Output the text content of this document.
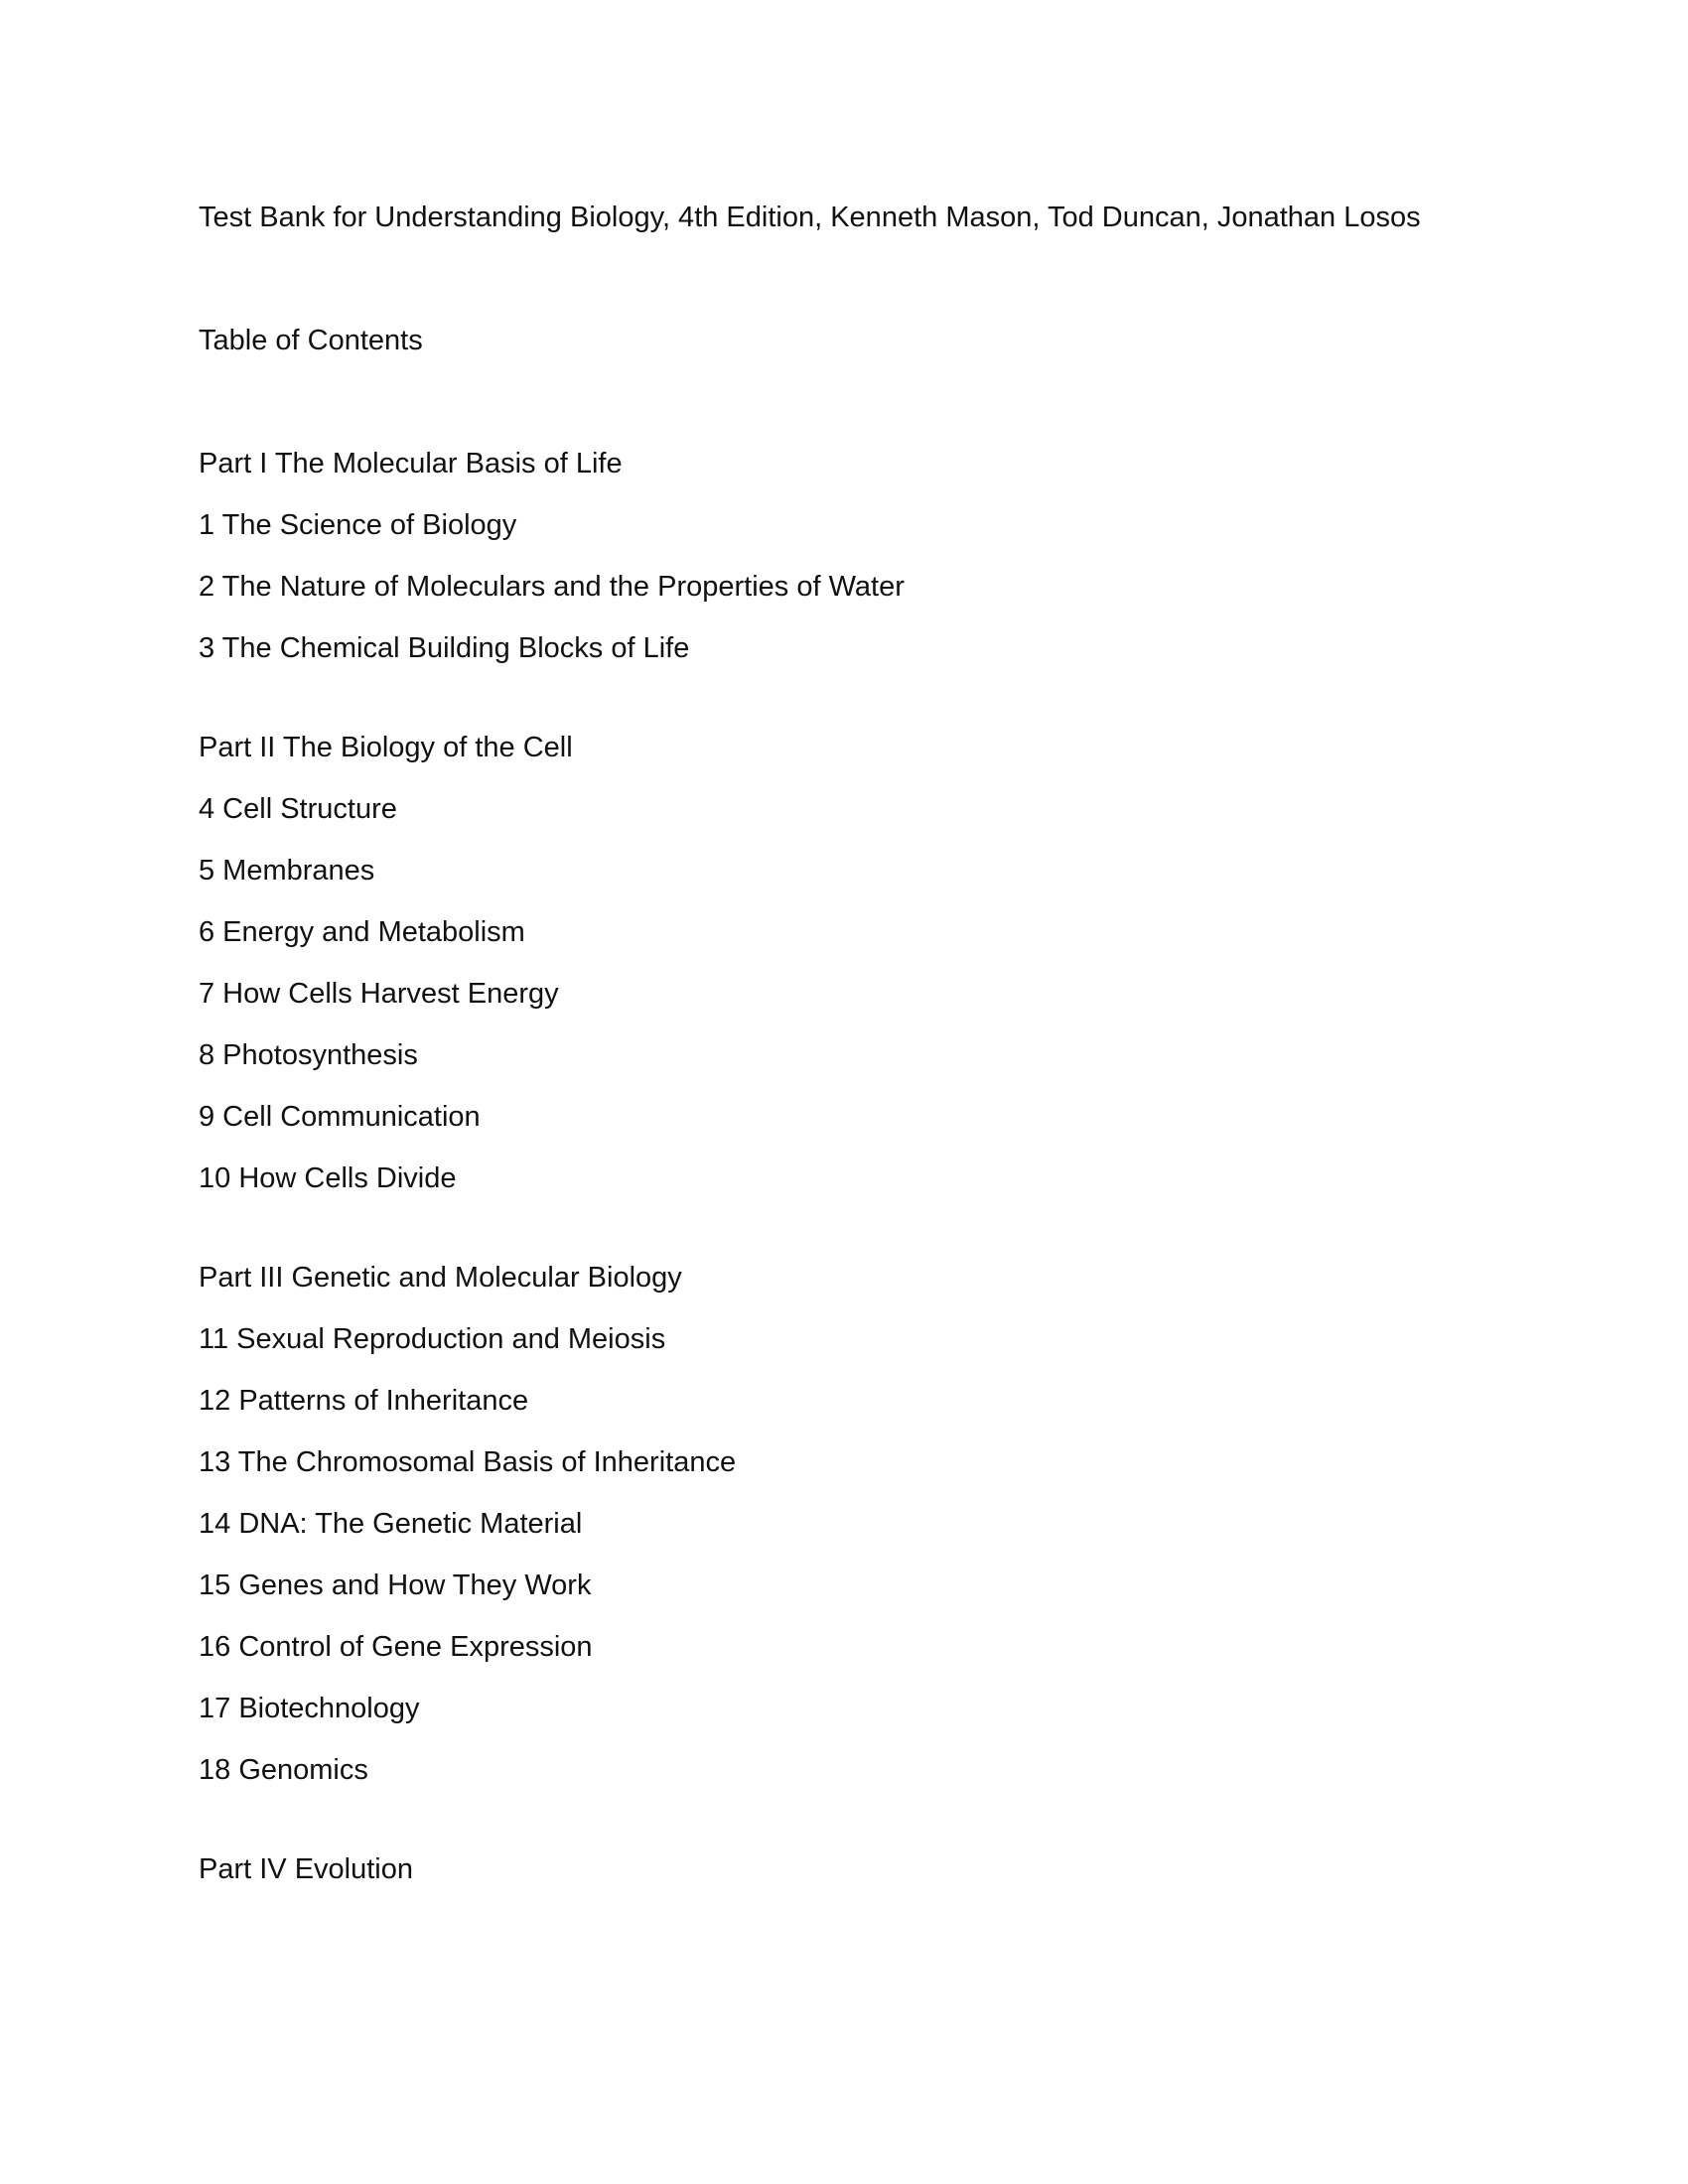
Test Bank for Understanding Biology, 4th Edition, Kenneth Mason, Tod Duncan, Jonathan Losos

Table of Contents

Part I The Molecular Basis of Life

1 The Science of Biology
2 The Nature of Moleculars and the Properties of Water
3 The Chemical Building Blocks of Life

Part II The Biology of the Cell

4 Cell Structure
5 Membranes
6 Energy and Metabolism
7 How Cells Harvest Energy
8 Photosynthesis
9 Cell Communication
10 How Cells Divide

Part III Genetic and Molecular Biology

11 Sexual Reproduction and Meiosis
12 Patterns of Inheritance
13 The Chromosomal Basis of Inheritance
14 DNA: The Genetic Material
15 Genes and How They Work
16 Control of Gene Expression
17 Biotechnology
18 Genomics

Part IV Evolution
